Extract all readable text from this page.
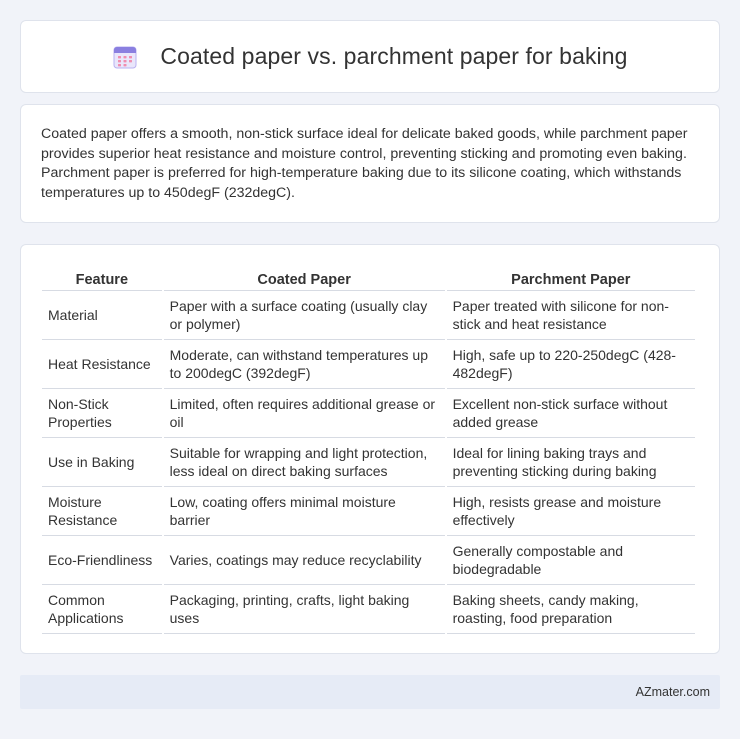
Coated paper vs. parchment paper for baking

Coated paper offers a smooth, non-stick surface ideal for delicate baked goods, while parchment paper provides superior heat resistance and moisture control, preventing sticking and promoting even baking. Parchment paper is preferred for high-temperature baking due to its silicone coating, which withstands temperatures up to 450degF (232degC).

Feature	Coated Paper	Parchment Paper
Material	Paper with a surface coating (usually clay or polymer)	Paper treated with silicone for non-stick and heat resistance
Heat Resistance	Moderate, can withstand temperatures up to 200degC (392degF)	High, safe up to 220-250degC (428-482degF)
Non-Stick Properties	Limited, often requires additional grease or oil	Excellent non-stick surface without added grease
Use in Baking	Suitable for wrapping and light protection, less ideal on direct baking surfaces	Ideal for lining baking trays and preventing sticking during baking
Moisture Resistance	Low, coating offers minimal moisture barrier	High, resists grease and moisture effectively
Eco-Friendliness	Varies, coatings may reduce recyclability	Generally compostable and biodegradable
Common Applications	Packaging, printing, crafts, light baking uses	Baking sheets, candy making, roasting, food preparation
AZmater.com
